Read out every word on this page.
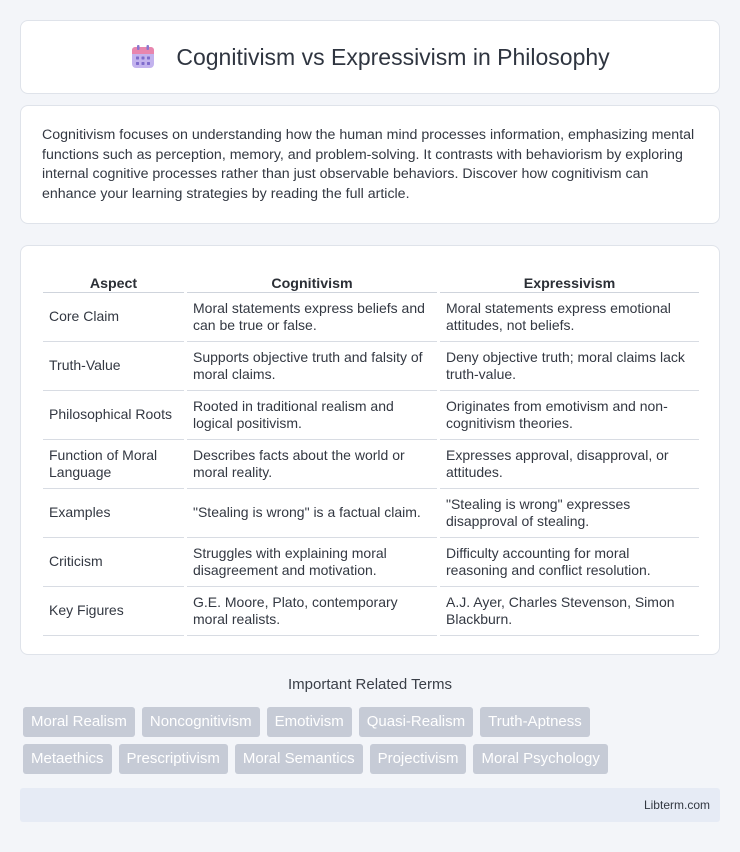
Cognitivism vs Expressivism in Philosophy

Cognitivism focuses on understanding how the human mind processes information, emphasizing mental functions such as perception, memory, and problem-solving. It contrasts with behaviorism by exploring internal cognitive processes rather than just observable behaviors. Discover how cognitivism can enhance your learning strategies by reading the full article.

Aspect		Cognitivism		Expressivism
Core Claim		Moral statements express beliefs and can be true or false.		Moral statements express emotional attitudes, not beliefs.
Truth-Value		Supports objective truth and falsity of moral claims.		Deny objective truth; moral claims lack truth-value.
Philosophical Roots		Rooted in traditional realism and logical positivism.		Originates from emotivism and non-cognitivism theories.
Function of Moral Language		Describes facts about the world or moral reality.		Expresses approval, disapproval, or attitudes.
Examples		"Stealing is wrong" is a factual claim.		"Stealing is wrong" expresses disapproval of stealing.
Criticism		Struggles with explaining moral disagreement and motivation.		Difficulty accounting for moral reasoning and conflict resolution.
Key Figures		G.E. Moore, Plato, contemporary moral realists.		A.J. Ayer, Charles Stevenson, Simon Blackburn.
Important Related Terms
Moral Realism	Noncognitivism	Emotivism	Quasi-Realism	Truth-Aptness
Metaethics	Prescriptivism	Moral Semantics	Projectivism	Moral Psychology
Libterm.com
